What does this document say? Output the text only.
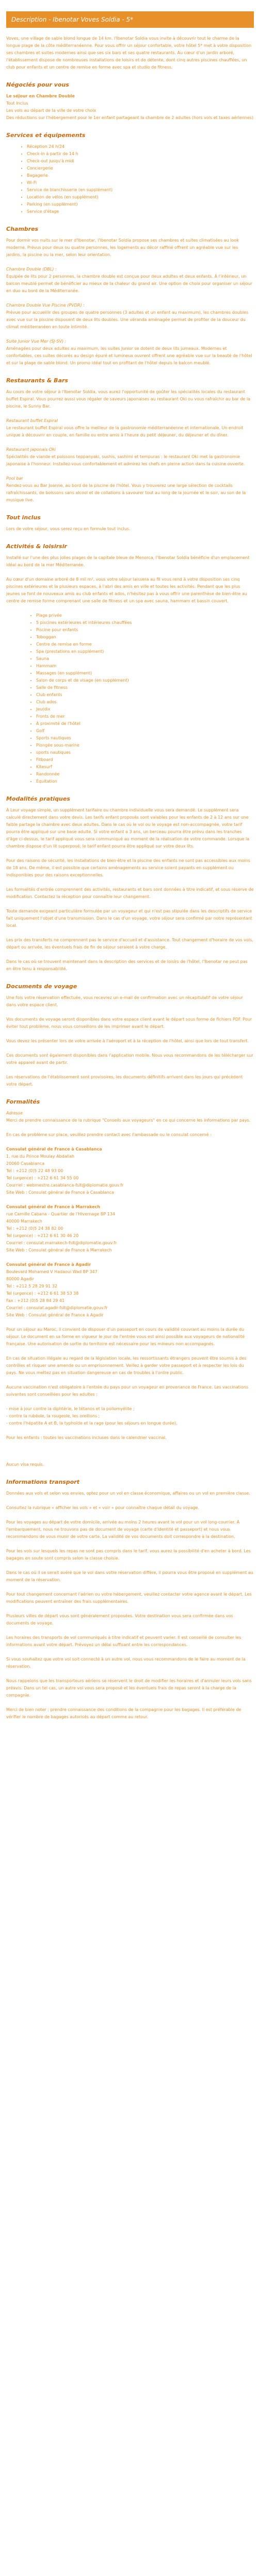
Description - Ibenotar Voves Soldia - 5*

Voves, une village de sable blond longue de 14 km. l'Ibenotar Soldia vous invite à découvrir tout le charme de la longue plage de la côte méditerranéenne. Pour vous offrir un séjour confortable, votre hôtel 5* met à votre disposition ses chambres et suites modernes ainsi que ses six bars et ses quatre restaurants. Au cœur d'un jardin arboré, l'établissement dispose de nombreuses installations de loisirs et de détente, dont cinq autres piscines chauffées, un club pour enfants et un centre de remise en forme avec spa et studio de fitness.

Négociés pour vous
Le séjour en Chambre Double
Tout Inclus
Les vols au départ de la ville de votre choix
Des réductions sur l'hébergement pour le 1er enfant partageant la chambre de 2 adultes (hors vols et taxes aériennes)
Services et équipements
• Réception 24 h/24
• Check-in à partir de 14 h
• Check-out jusqu'à midi
• Conciergerie
• Bagagerie
• Wi-Fi
• Service de blanchisserie (en supplément)
• Location de vélos (en supplément)
• Parking (en supplément)
• Service d'étage
Chambres

Pour dormir vos nuits sur le mer d'Ibenotar, l'Ibenotar Soldia propose ses chambres et suites climatisées au look moderne. Prévus pour deux ou quatre personnes, les logements au décor raffiné offrent un agréable vue sur les jardins, la piscine ou la mer, selon leur orientation.

Chambre Double (DBL) :

Équipée de lits pour 2 personnes, la chambre double est conçue pour deux adultes et deux enfants. À l'intérieur, un balcon meublé permet de bénéficier au mieux de la chaleur du grand air. Une option de choix pour organiser un séjour en duo au bord de la Méditerranée.

Chambre Double Vue Piscine (PVDR) :

Prévue pour accueillir des groupes de quatre personnes (3 adultes et un enfant au maximum), les chambres doubles avec vue sur la piscine disposent de deux lits doubles. Une véranda aménagée permet de profiter de la douceur du climat méditerranéen en toute intimité.

Suite Junior Vue Mer (SJ-SV) :

Aménagées pour deux adultes au maximum, les suites Junior se dotent de deux lits jumeaux. Modernes et confortables, ces suites décorés au design épuré et lumineux ouvrent offrent une agréable vue sur la beauté de l'hôtel et sur la plage de sable blond. Un promo idéal tout en profitant de l'hôtel depuis le balcon meublé.

Restaurants & Bars

Au cours de votre séjour à l'Ibenotar Soldia, vous aurez l'opportunité de goûter les spécialités locales du restaurant buffet Espiral. Vous pourrez aussi vous régaler de saveurs japonaises au restaurant Oki ou vous rafraîchir au bar de la piscine, le Sunny Bar.

Restaurant buffet Espiral

Le restaurant buffet Espiral vous offre la meilleur de la gastronomie méditerranéenne et internationale. Un endroit unique à découvrir en couple, en famille ou entre amis à l'heure du petit déjeuner, du déjeuner et du dîner.

Restaurant japonais Oki

Spécialités de viande et poissons teppanyaki, sushis, sashimi et tempuras : le restaurant Oki met la gastronomie japonaise à l'honneur. Installez-vous confortablement et admirez les chefs en pleine action dans la cuisine ouverte.

Pool bar

Rendez-vous au Bar Joanne, au bord de la piscine de l'hôtel. Vous y trouverez une large sélection de cocktails rafraîchissants, de boissons sans alcool et de collations à savourer tout au long de la journée et le soir, au son de la musique live.

Tout inclus

Lors de votre séjour, vous serez reçu en formule tout inclus.

Activités & loisirsir

Installé sur l'une des plus jolies plages de la capitale bleue de Menorca, l'Ibenotar Soldia bénéficie d'un emplacement idéal au bord de la mer Méditerranée.

Au cœur d'un domaine arboré de 8 mil m², vous votre séjour laissera au fil vous rend à votre disposition ses cinq piscines extérieures et la plusieurs espaces, à l'abri des amis en ville et toutes les activités. Pendant que les plus jeunes se font de nouveaux amis au club enfants et ados, n'hésitez pas à vous offrir une parenthèse de bien-être au centre de remise forme comprenant une salle de fitness et un spa avec sauna, hammam et bassin couvert.

• Plage privée
• 5 piscines extérieures et intérieures chauffées
• Piscine pour enfants
• Toboggan
• Centre de remise en forme
• Spa (prestations en supplément)
• Sauna
• Hammam
• Massages (en supplément)
• Salon de corps et de visage (en supplément)
• Salle de fitness
• Club enfants
• Club ados
• Jeu(dix
• Fronts de mer
• À proximité de l'hôtel
• Golf
• Sports nautiques
• Plongée sous-marine
• sports nautiques
• Fitboard
• Kitesurf
• Randonnée
• Équitation
Modalités pratiques

À Leur voyage simple, un supplément tarifaire ou chambre individuelle vous sera demandé. Le supplément sera calculé directement dans votre devis. Les tarifs enfant proposés sont valables pour les enfants de 2 à 12 ans sur une faible partage la chambre avec deux adultes. Dans le cas où le vol ou le voyage est non-accompagnée, votre tarif pourra être appliqué sur une base adulte. Si votre enfant a 3 ans, un berceau pourra être prévu dans les tranches d'âge ci-dessus, le tarif appliqué vous sera communiqué au moment de la réalisation de votre commande. Lorsque la chambre dispose d'un lit superposé, le tarif enfant pourra être appliqué sur votre deux lits.

Pour des raisons de sécurité, les installations de bien-être et la piscine des enfants ne sont pas accessibles aux moins de 18 ans. De même, il est possible que certains aménagements au service soient payants en supplément ou indisponibles pour des raisons exceptionnelles.

Les formalités d'entrée comprennent des activités, restaurants et bars sont données à titre indicatif, et sous réserve de modification. Contactez la réception pour connaître leur changement.

Toute demande exigeant particulière formulée par un voyageur et qui n'est pas stipulée dans les descriptifs de service fait uniquement l'objet d'une transmission. Dans le cas d'un voyage, votre séjour sera confirmé par notre représentant local.

Les prix des transferts ne comprennent pas le service d'accueil et d'assistance. Tout changement d'horaire de vos vols, départ ou arrivée, les éventuels frais de fin de séjour seraient à votre charge.

Dans le cas où se trouvent maintenant dans la description des services et de loisirs de l'hôtel, l'Ibenotar ne peut pas en être tenu à responsabilité.

Documents de voyage

Une fois votre réservation effectuée, vous recevrez un e-mail de confirmation avec un récapitulatif de votre séjour dans votre espace client.

Vos documents de voyage seront disponibles dans votre espace client avant le départ sous forme de fichiers PDF. Pour éviter tout problème, nous vous conseillons de les imprimer avant le départ.

Vous devez les présenter lors de votre arrivée à l'aéroport et à la réception de l'hôtel, ainsi que lors de tout transfert.

Ces documents sont également disponibles dans l'application mobile. Nous vous recommandons de les télécharger sur votre appareil avant de partir.

Les réservations de l'établissement sont provisoires, les documents définitifs arrivent dans les jours qui précèdent votre départ.

Formalités
Adresse

Merci de prendre connaissance de la rubrique "Conseils aux voyageurs" en ce qui concerne les informations par pays.

En cas de problème sur place, veuillez prendre contact avec l'ambassade ou le consulat concerné :

Consulat général de France à Casablanca
1, rue du Prince Moulay Abdallah
20060 Casablanca
Tel : +212 (0)5 22 48 93 00
Tel (urgence) : +212 6 61 34 55 00
Courriel : webmestre.casablanca-fslt@diplomatie.gouv.fr
Site Web : Consulat général de France à Casablanca
Consulat général de France à Marrakech
rue Camille Cabana - Quartier de l'Hivernage BP 134
40000 Marrakech
Tel : +212 (0)5 24 38 82 00
Tel (urgence) : +212 6 61 30 46 20
Courriel : consulat.marrakech-fslt@diplomatie.gouv.fr
Site Web : Consulat général de France à Marrakech
Consulat général de France à Agadir
Boulevard Mohamed V Hadaoui Wad BP 347
80000 Agadir
Tel : +212 5 28 29 91 32
Tel (urgence) : +212 6 61 38 53 38
Fax : +212 (0)5 28 84 29 41
Courriel : consulat.agadir-fslt@diplomatie.gouv.fr
Site Web : Consulat général de France à Agadir

Pour un séjour au Maroc, il convient de disposer d'un passeport en cours de validité couvrant au moins la durée du séjour. Le document en sa forme en vigueur le jour de l'entrée vous est ainsi possible aux voyageurs de nationalité française. Une autorisation de sortie du territoire est nécessaire pour les mineurs non accompagnés.

En cas de situation illégale au regard de la législation locale, les ressortissants étrangers peuvent être soumis à des contrôles et risquer une amende ou un emprisonnement. Veillez à garder votre passeport et à respecter les lois du pays. Ne vous mettez pas en situation dangereuse en cas de troubles à l'ordre public.

Aucune vaccination n'est obligatoire à l'entrée du pays pour un voyageur en provenance de France. Les vaccinations suivantes sont conseillées pour les adultes :

- mise à jour contre la diphtérie, le tétanos et la poliomyélite ;
- contre la rubéole, la rougeole, les oreillons ;
- contre l'hépatite A et B, la typhoïde et la rage (pour les séjours en longue durée).

Pour les enfants : toutes les vaccinations incluses dans le calendrier vaccinal.

Aucun visa requis.

Informations transport

Données aux vols et selon vos envies, optez pour un vol en classe économique, affaires ou un vol en première classe.

Consultez la rubrique « afficher les vols » et « voir » pour connaître chaque détail du voyage.

Pour les voyages au départ de votre domicile, arrivée au moins 2 heures avant le vol pour un vol long-courrier. À l'embarquement, nous ne trouvons pas de document de voyage (carte d'identité et passeport) et nous vous recommandons de vous munir de votre carte. La validité de vos documents doit correspondre à la destination.

Pour les vols sur lesquels les repas ne sont pas compris dans le tarif, vous aurez la possibilité d'en acheter à bord. Les bagages en soute sont compris selon la classe choisie.

Dans le cas où il se serait avéré que le vol dans votre réservation diffère, il pourra vous être proposé en supplément au moment de la réservation.

Pour tout changement concernant l'aérien ou votre hébergement, veuillez contacter votre agence avant le départ. Les modifications peuvent entraîner des frais supplémentaires.

Plusieurs villes de départ vous sont généralement proposées. Votre destination vous sera confirmée dans vos documents de voyage.

Les horaires des transports de vol communiqués à titre indicatif et peuvent varier. Il est conseillé de consulter les informations avant votre départ. Prévoyez un délai suffisant entre les correspondances.

Si vous souhaitez que votre vol soit connecté à un autre vol, nous vous recommandons de le faire au moment de la réservation.

Nous rappelons que les transporteurs aériens se réservent le droit de modifier les horaires et d'annuler leurs vols sans préavis. Dans un tel cas, un autre vol vous sera proposé et les éventuels frais de repas seront à la charge de la compagnie.

Merci de bien noter : prendre connaissance des conditions de la compagnie pour les bagages. Il est préférable de vérifier le nombre de bagages autorisés au départ comme au retour.
